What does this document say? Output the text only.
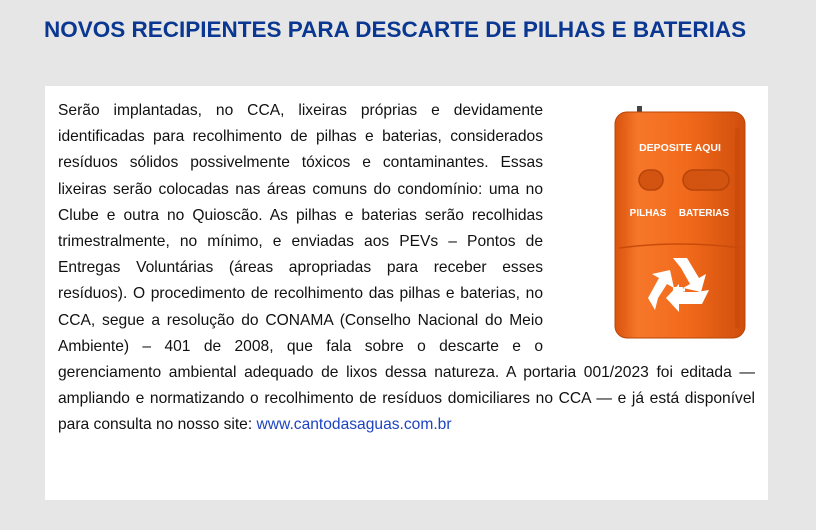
NOVOS RECIPIENTES PARA DESCARTE DE PILHAS E BATERIAS

DEPOSITE AQUI
PILHAS BATERIAS
Serão implantadas, no CCA, lixeiras próprias e devidamente identificadas para recolhimento de pilhas e baterias, considerados resíduos sólidos possivelmente tóxicos e contaminantes. Essas lixeiras serão colocadas nas áreas comuns do condomínio: uma no Clube e outra no Quioscão. As pilhas e baterias serão recolhidas trimestralmente, no mínimo, e enviadas aos PEVs – Pontos de Entregas Voluntárias (áreas apropriadas para receber esses resíduos). O procedimento de recolhimento das pilhas e baterias, no CCA, segue a resolução do CONAMA (Conselho Nacional do Meio Ambiente) – 401 de 2008, que fala sobre o descarte e o gerenciamento ambiental adequado de lixos dessa natureza. A portaria 001/2023 foi editada — ampliando e normatizando o recolhimento de resíduos domiciliares no CCA — e já está disponível para consulta no nosso site: www.cantodasaguas.com.br
